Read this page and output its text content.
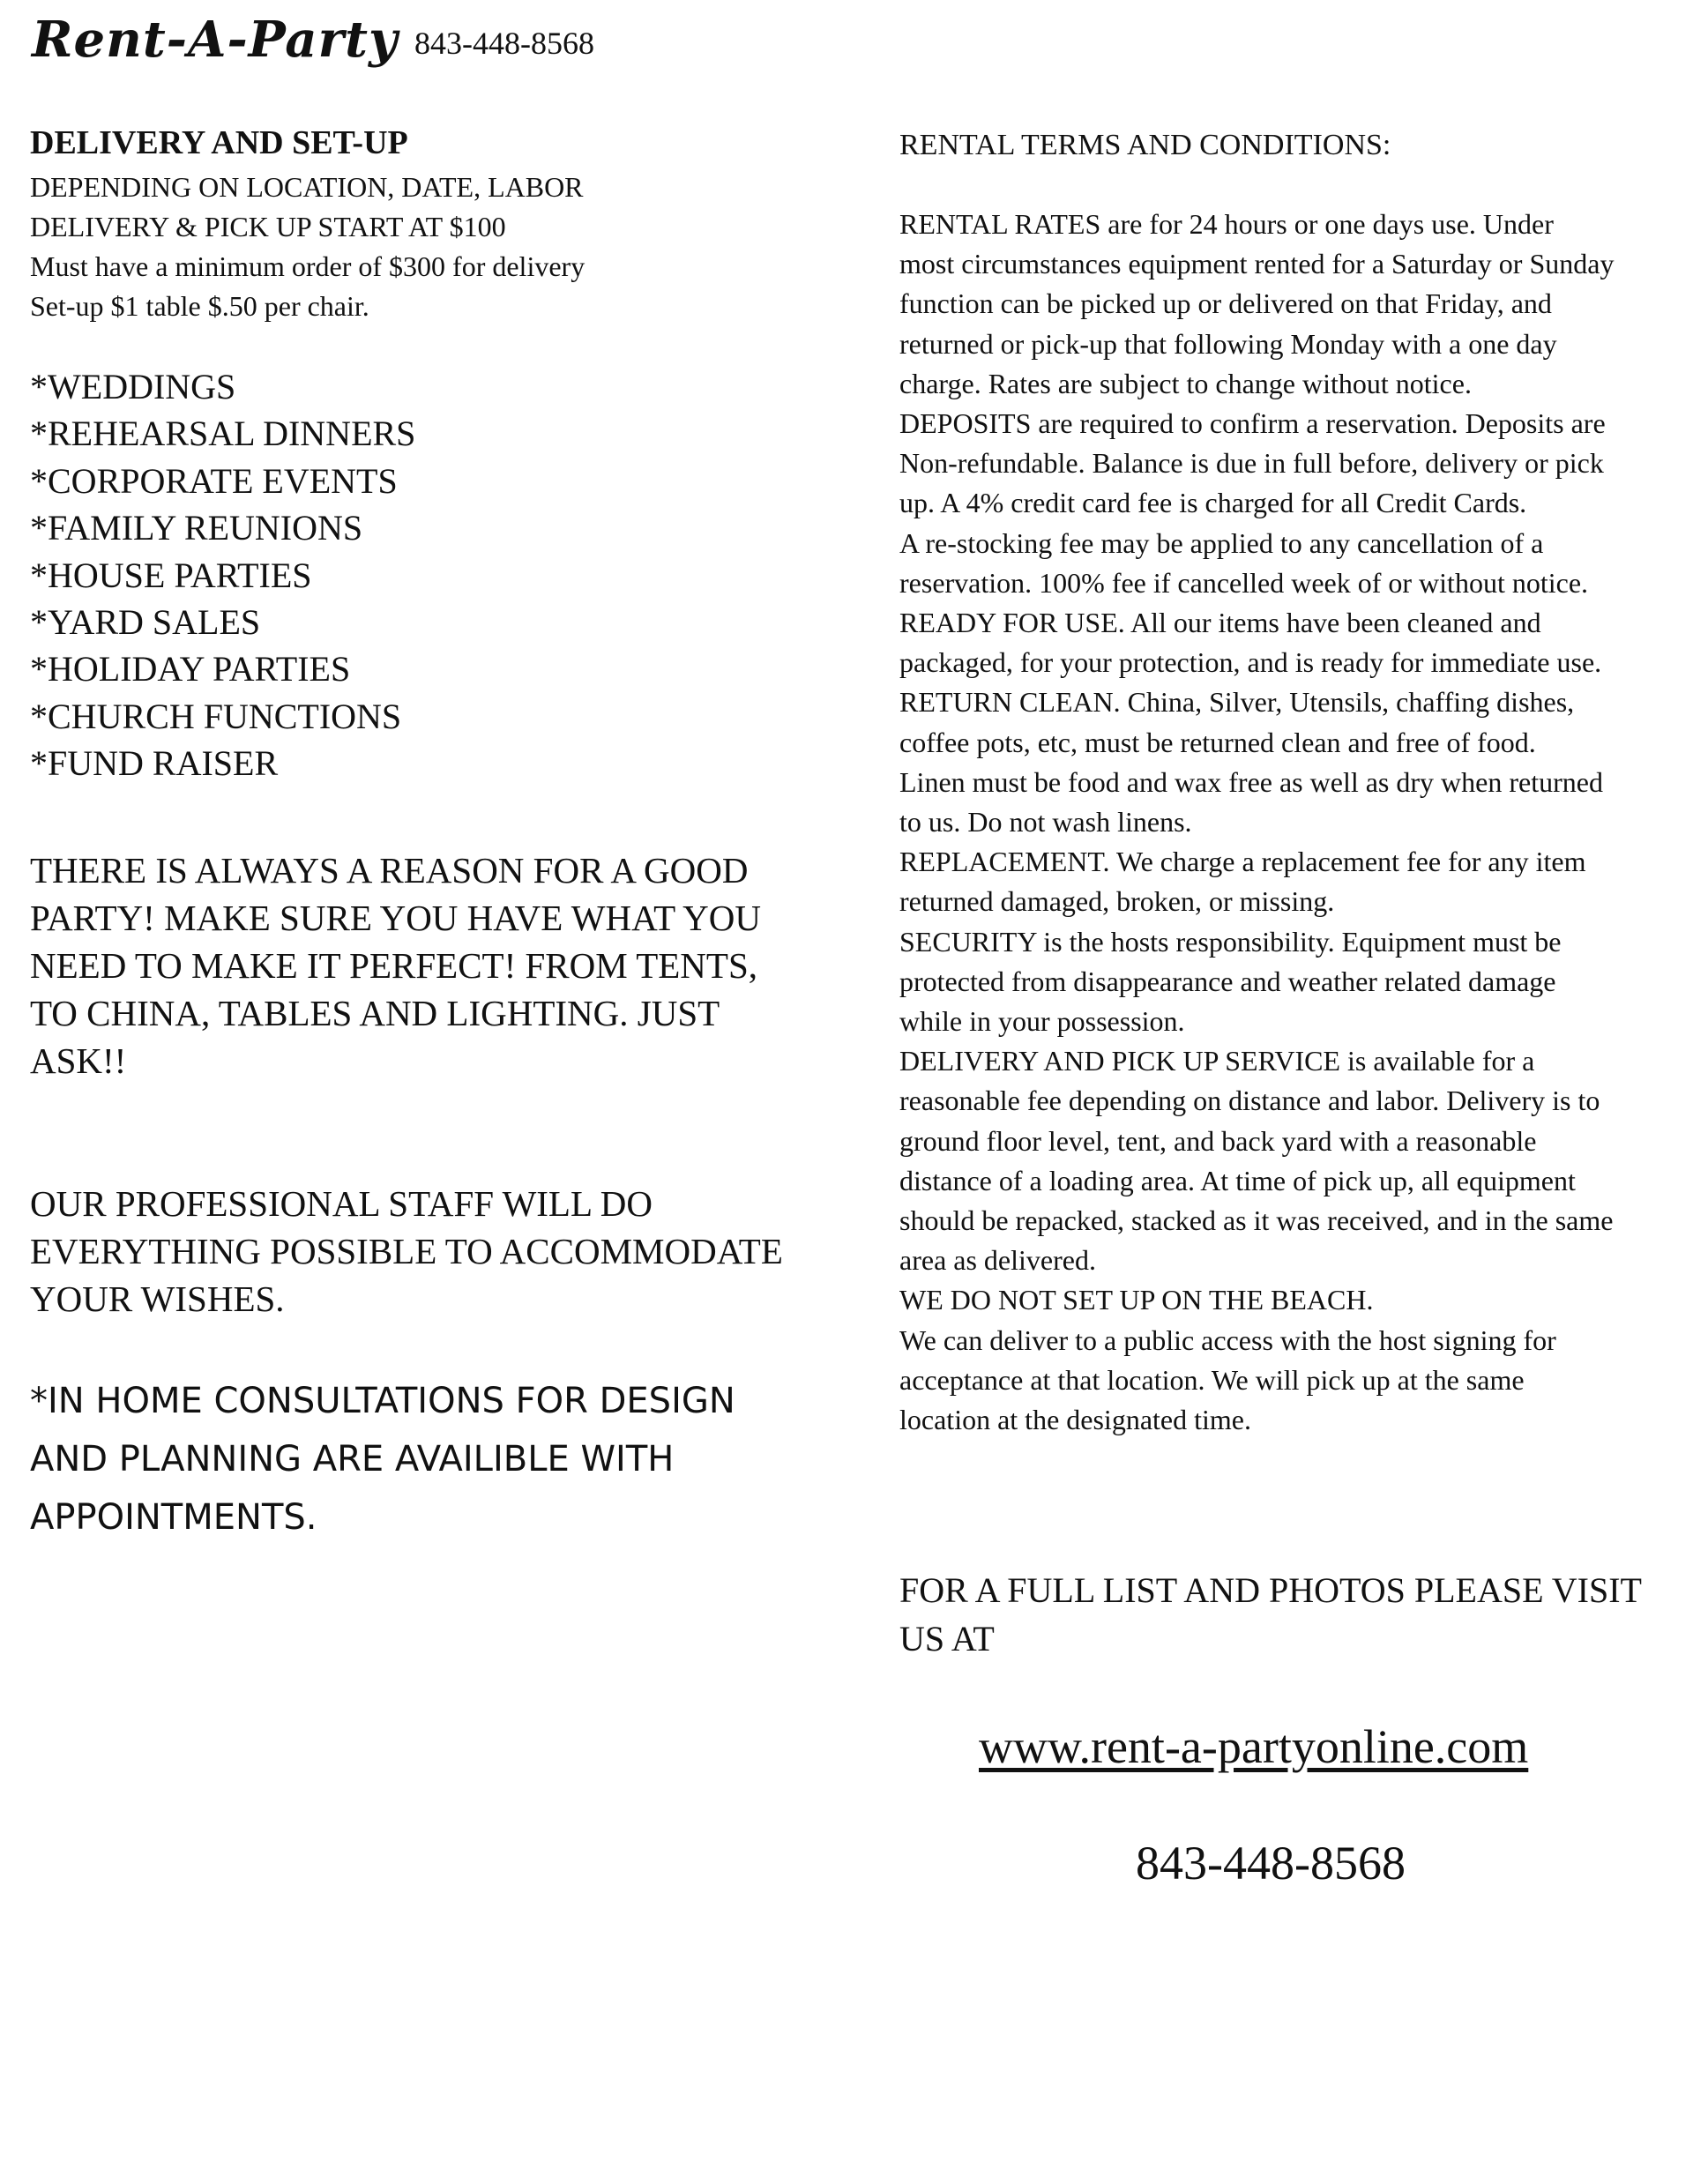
Rent-A-Party 843-448-8568
DELIVERY AND SET-UP
DEPENDING ON LOCATION, DATE, LABOR
DELIVERY & PICK UP START AT $100
Must have a minimum order of $300 for delivery
Set-up $1 table $.50 per chair.
*WEDDINGS
*REHEARSAL DINNERS
*CORPORATE EVENTS
*FAMILY REUNIONS
*HOUSE PARTIES
*YARD SALES
*HOLIDAY PARTIES
*CHURCH FUNCTIONS
*FUND RAISER

THERE IS ALWAYS A REASON FOR A GOOD PARTY! MAKE SURE YOU HAVE WHAT YOU NEED TO MAKE IT PERFECT! FROM TENTS, TO CHINA, TABLES AND LIGHTING. JUST ASK!!

OUR PROFESSIONAL STAFF WILL DO EVERYTHING POSSIBLE TO ACCOMMODATE YOUR WISHES.

*IN HOME CONSULTATIONS FOR DESIGN AND PLANNING ARE AVAILIBLE WITH APPOINTMENTS.

RENTAL TERMS AND CONDITIONS:
RENTAL RATES are for 24 hours or one days use. Under
most circumstances equipment rented for a Saturday or Sunday
function can be picked up or delivered on that Friday, and
returned or pick-up that following Monday with a one day
charge. Rates are subject to change without notice.
DEPOSITS are required to confirm a reservation. Deposits are
Non-refundable. Balance is due in full before, delivery or pick
up. A 4% credit card fee is charged for all Credit Cards.
A re-stocking fee may be applied to any cancellation of a
reservation. 100% fee if cancelled week of or without notice.
READY FOR USE. All our items have been cleaned and
packaged, for your protection, and is ready for immediate use.
RETURN CLEAN. China, Silver, Utensils, chaffing dishes,
coffee pots, etc, must be returned clean and free of food.
Linen must be food and wax free as well as dry when returned
to us. Do not wash linens.
REPLACEMENT. We charge a replacement fee for any item
returned damaged, broken, or missing.
SECURITY is the hosts responsibility. Equipment must be
protected from disappearance and weather related damage
while in your possession.
DELIVERY AND PICK UP SERVICE is available for a
reasonable fee depending on distance and labor. Delivery is to
ground floor level, tent, and back yard with a reasonable
distance of a loading area. At time of pick up, all equipment
should be repacked, stacked as it was received, and in the same
area as delivered.
WE DO NOT SET UP ON THE BEACH.
We can deliver to a public access with the host signing for
acceptance at that location. We will pick up at the same
location at the designated time.

FOR A FULL LIST AND PHOTOS PLEASE VISIT US AT

www.rent-a-partyonline.com
843-448-8568
